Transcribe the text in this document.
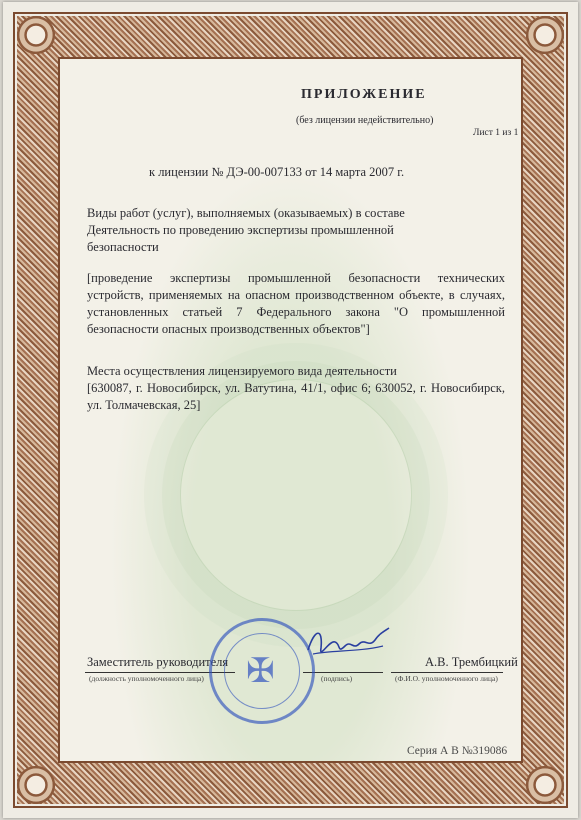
ПРИЛОЖЕНИЕ
(без лицензии недействительно)
Лист 1 из 1
к лицензии № ДЭ-00-007133 от 14 марта 2007 г.
Виды работ (услуг), выполняемых (оказываемых) в составе Деятельность по проведению экспертизы промышленной безопасности
[проведение экспертизы промышленной безопасности технических устройств, применяемых на опасном производственном объекте, в случаях, установленных статьей 7 Федерального закона "О промышленной безопасности опасных производственных объектов"]
Места осуществления лицензируемого вида деятельности
[630087, г. Новосибирск, ул. Ватутина, 41/1, офис 6; 630052, г. Новосибирск, ул. Толмачевская, 25]
Заместитель руководителя	А.В. Трембицкий
(должность уполномоченного лица)	(подпись)	(Ф.И.О. уполномоченного лица)
✠
Серия А В №319086
